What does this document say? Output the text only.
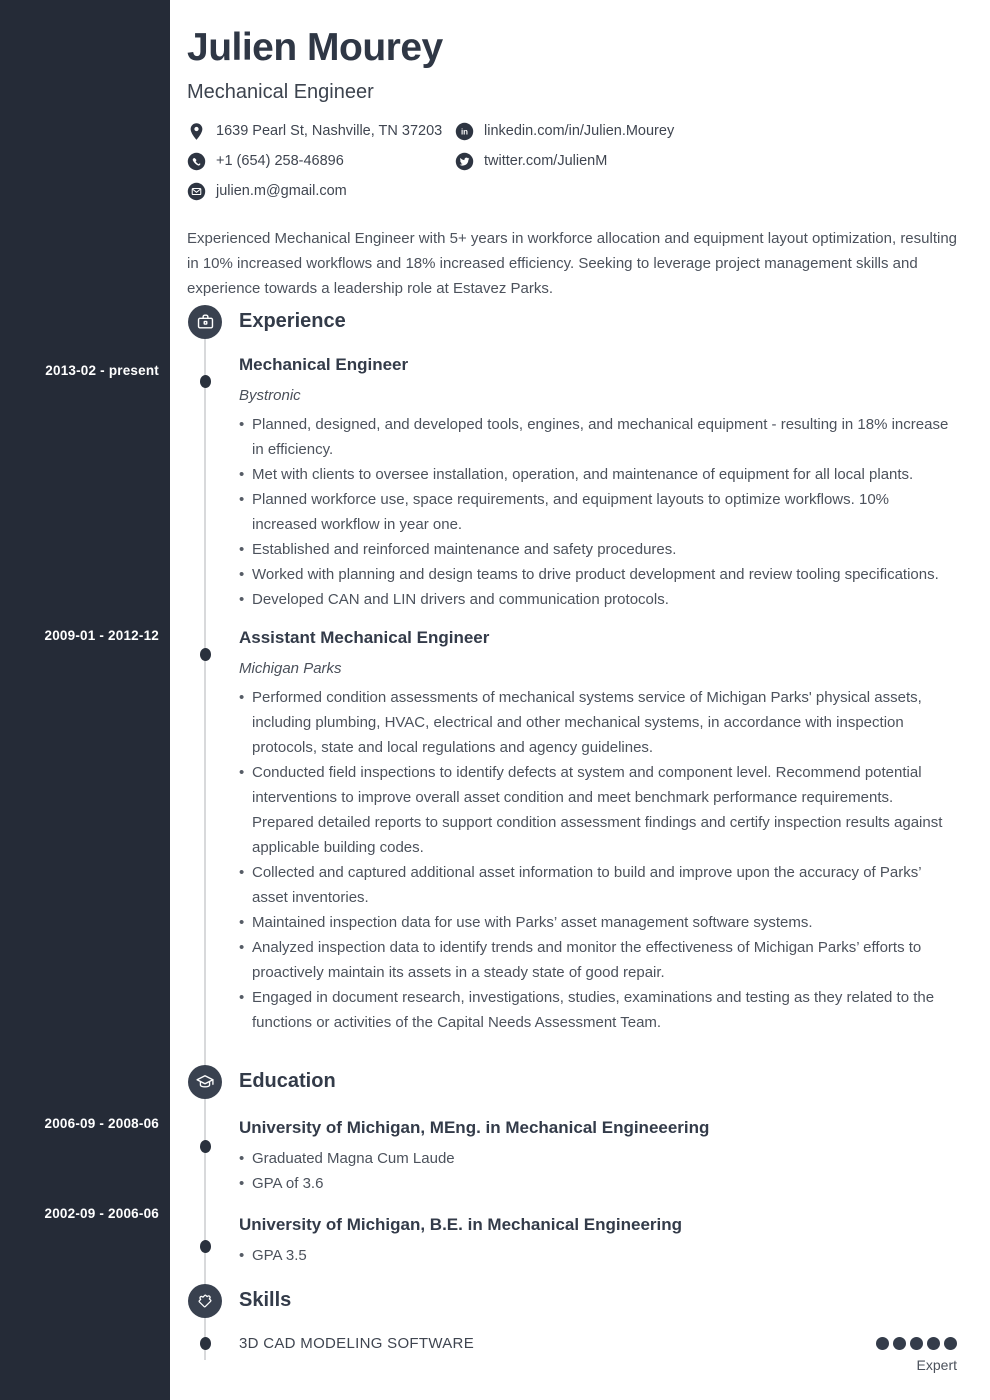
2013-02 - present
2009-01 - 2012-12
2006-09 - 2008-06
2002-09 - 2006-06
Julien Mourey
Mechanical Engineer
1639 Pearl St, Nashville, TN 37203 in linkedin.com/in/Julien.Mourey
+1 (654) 258-46896	twitter.com/JulienM
julien.m@gmail.com

Experienced Mechanical Engineer with 5+ years in workforce allocation and equipment layout optimization, resulting in 10% increased workflows and 18% increased efficiency. Seeking to leverage project management skills and experience towards a leadership role at Estavez Parks.

Experience
Mechanical Engineer
Bystronic
• Planned, designed, and developed tools, engines, and mechanical equipment - resulting in 18% increase in efficiency.
• Met with clients to oversee installation, operation, and maintenance of equipment for all local plants.
• Planned workforce use, space requirements, and equipment layouts to optimize workflows. 10% increased workflow in year one.
• Established and reinforced maintenance and safety procedures.
• Worked with planning and design teams to drive product development and review tooling specifications.
• Developed CAN and LIN drivers and communication protocols.
Assistant Mechanical Engineer
Michigan Parks
• Performed condition assessments of mechanical systems service of Michigan Parks' physical assets, including plumbing, HVAC, electrical and other mechanical systems, in accordance with inspection protocols, state and local regulations and agency guidelines.
• Conducted field inspections to identify defects at system and component level. Recommend potential interventions to improve overall asset condition and meet benchmark performance requirements. Prepared detailed reports to support condition assessment findings and certify inspection results against applicable building codes.
• Collected and captured additional asset information to build and improve upon the accuracy of Parks’ asset inventories.
• Maintained inspection data for use with Parks’ asset management software systems.
• Analyzed inspection data to identify trends and monitor the effectiveness of Michigan Parks’ efforts to proactively maintain its assets in a steady state of good repair.
• Engaged in document research, investigations, studies, examinations and testing as they related to the functions or activities of the Capital Needs Assessment Team.
Education
University of Michigan, MEng. in Mechanical Engineeering
• Graduated Magna Cum Laude
• GPA of 3.6
University of Michigan, B.E. in Mechanical Engineering
• GPA 3.5
Skills
3D CAD MODELING SOFTWARE
Expert
